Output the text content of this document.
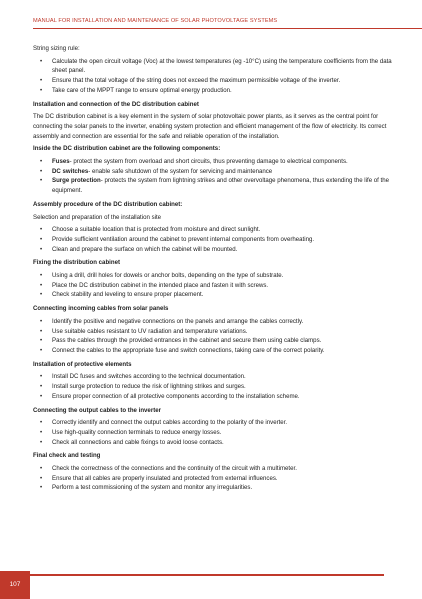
MANUAL FOR INSTALLATION AND MAINTENANCE OF SOLAR PHOTOVOLTAGE SYSTEMS

String sizing rule:

• Calculate the open circuit voltage (Voc) at the lowest temperatures (eg -10°C) using the temperature coefficients from the data sheet panel.
• Ensure that the total voltage of the string does not exceed the maximum permissible voltage of the inverter.
• Take care of the MPPT range to ensure optimal energy production.

Installation and connection of the DC distribution cabinet

The DC distribution cabinet is a key element in the system of solar photovoltaic power plants, as it serves as the central point for connecting the solar panels to the inverter, enabling system protection and efficient management of the flow of electricity. Its correct assembly and connection are essential for the safe and reliable operation of the installation.

Inside the DC distribution cabinet are the following components:

• Fuses- protect the system from overload and short circuits, thus preventing damage to electrical components.
• DC switches- enable safe shutdown of the system for servicing and maintenance
• Surge protection- protects the system from lightning strikes and other overvoltage phenomena, thus extending the life of the equipment.

Assembly procedure of the DC distribution cabinet:

Selection and preparation of the installation site

• Choose a suitable location that is protected from moisture and direct sunlight.
• Provide sufficient ventilation around the cabinet to prevent internal components from overheating.
• Clean and prepare the surface on which the cabinet will be mounted.

Fixing the distribution cabinet

• Using a drill, drill holes for dowels or anchor bolts, depending on the type of substrate.
• Place the DC distribution cabinet in the intended place and fasten it with screws.
• Check stability and leveling to ensure proper placement.

Connecting incoming cables from solar panels

• Identify the positive and negative connections on the panels and arrange the cables correctly.
• Use suitable cables resistant to UV radiation and temperature variations.
• Pass the cables through the provided entrances in the cabinet and secure them using cable clamps.
• Connect the cables to the appropriate fuse and switch connections, taking care of the correct polarity.

Installation of protective elements

• Install DC fuses and switches according to the technical documentation.
• Install surge protection to reduce the risk of lightning strikes and surges.
• Ensure proper connection of all protective components according to the installation scheme.

Connecting the output cables to the inverter

• Correctly identify and connect the output cables according to the polarity of the inverter.
• Use high-quality connection terminals to reduce energy losses.
• Check all connections and cable fixings to avoid loose contacts.

Final check and testing

• Check the correctness of the connections and the continuity of the circuit with a multimeter.
• Ensure that all cables are properly insulated and protected from external influences.
• Perform a test commissioning of the system and monitor any irregularities.
107
